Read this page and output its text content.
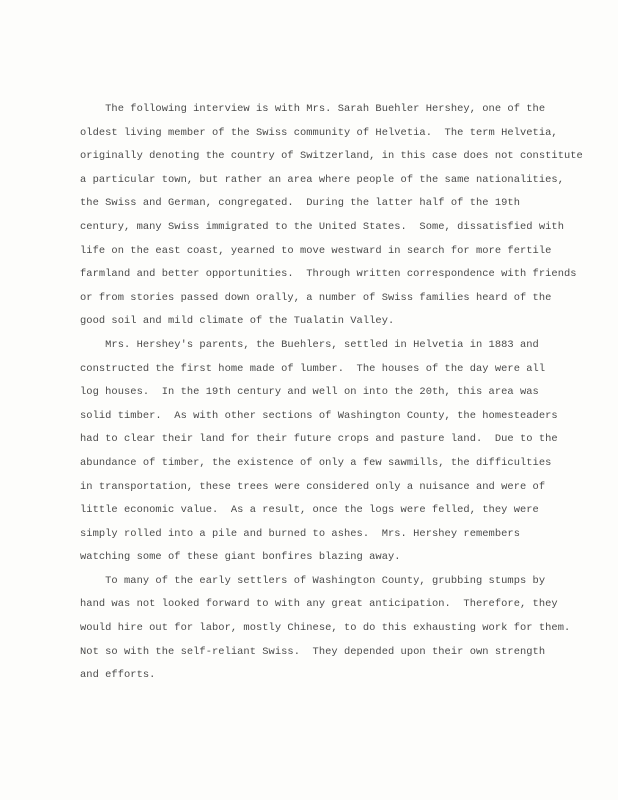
The following interview is with Mrs. Sarah Buehler Hershey, one of the
oldest living member of the Swiss community of Helvetia.  The term Helvetia,
originally denoting the country of Switzerland, in this case does not constitute
a particular town, but rather an area where people of the same nationalities,
the Swiss and German, congregated.  During the latter half of the 19th
century, many Swiss immigrated to the United States.  Some, dissatisfied with
life on the east coast, yearned to move westward in search for more fertile
farmland and better opportunities.  Through written correspondence with friends
or from stories passed down orally, a number of Swiss families heard of the
good soil and mild climate of the Tualatin Valley.
Mrs. Hershey's parents, the Buehlers, settled in Helvetia in 1883 and
constructed the first home made of lumber.  The houses of the day were all
log houses.  In the 19th century and well on into the 20th, this area was
solid timber.  As with other sections of Washington County, the homesteaders
had to clear their land for their future crops and pasture land.  Due to the
abundance of timber, the existence of only a few sawmills, the difficulties
in transportation, these trees were considered only a nuisance and were of
little economic value.  As a result, once the logs were felled, they were
simply rolled into a pile and burned to ashes.  Mrs. Hershey remembers
watching some of these giant bonfires blazing away.
To many of the early settlers of Washington County, grubbing stumps by
hand was not looked forward to with any great anticipation.  Therefore, they
would hire out for labor, mostly Chinese, to do this exhausting work for them.
Not so with the self-reliant Swiss.  They depended upon their own strength
and efforts.
